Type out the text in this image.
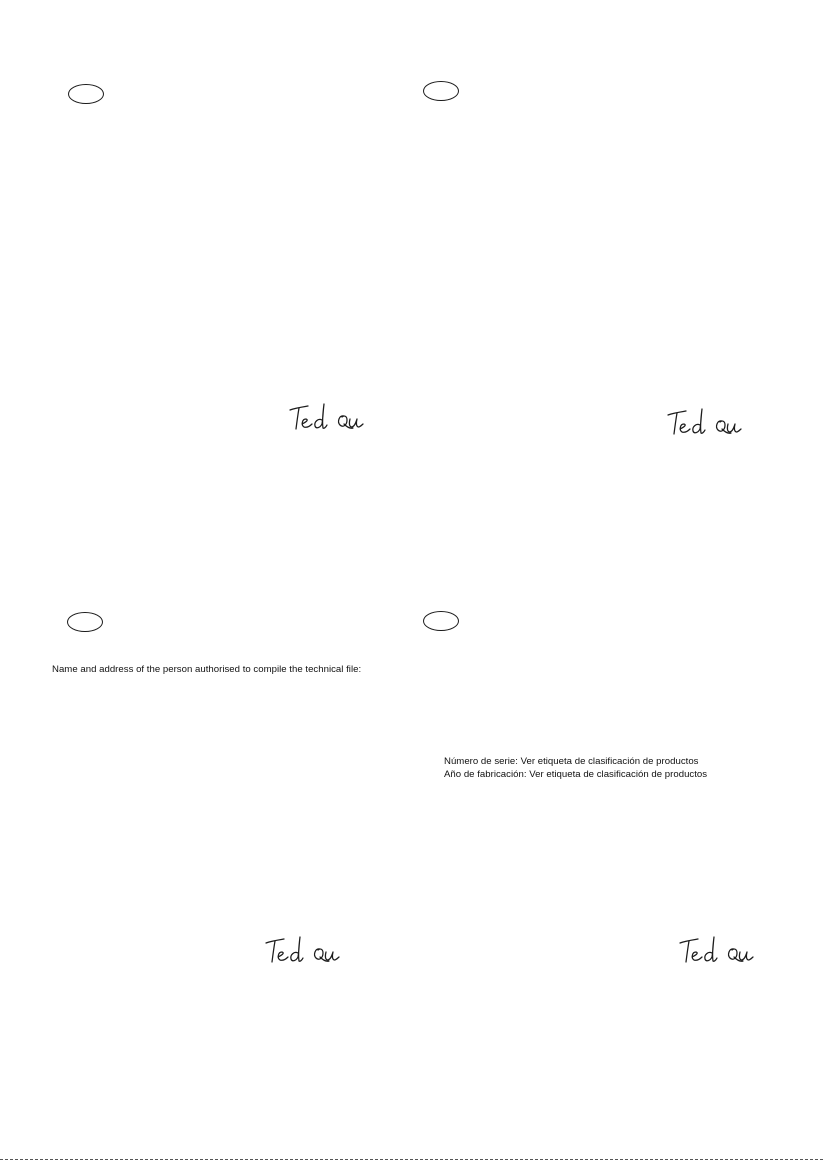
Name and address of the person authorised to compile the technical file:
Número de serie: Ver etiqueta de clasificación de productos
Año de fabricación: Ver etiqueta de clasificación de productos
